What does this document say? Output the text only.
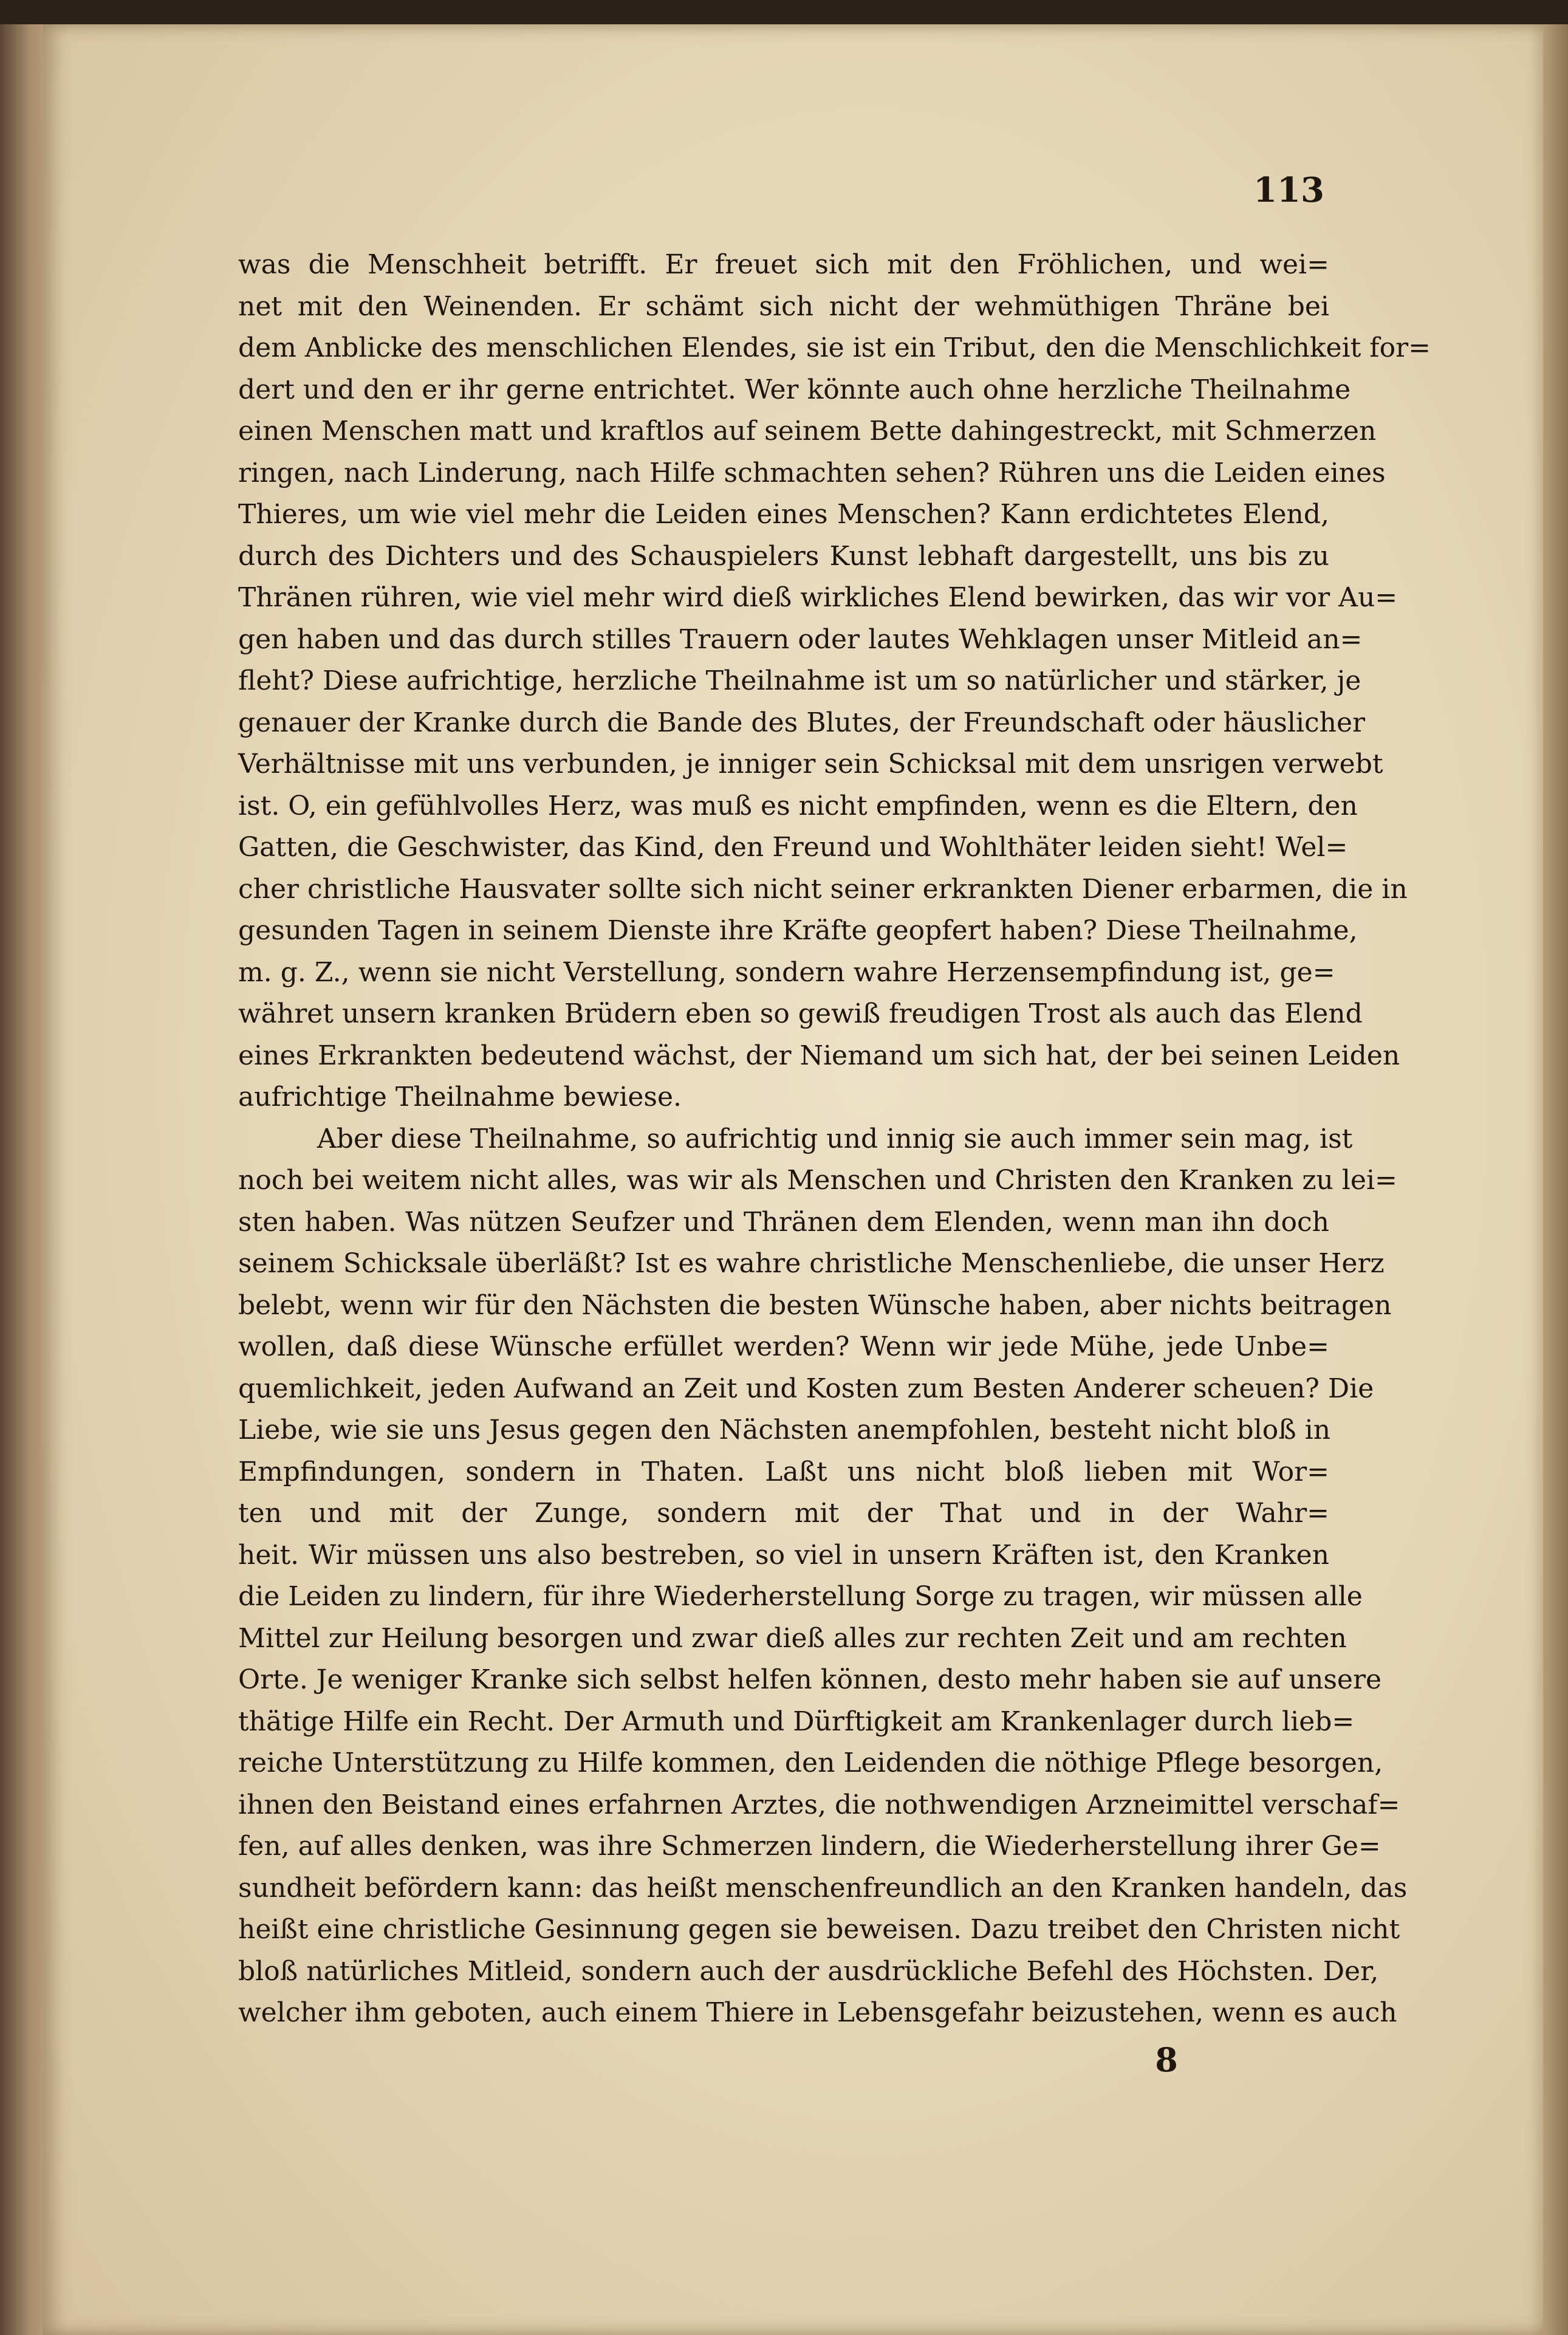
113
was die Menschheit betrifft. Er freuet sich mit den Fröhlichen, und wei=
net mit den Weinenden. Er schämt sich nicht der wehmüthigen Thräne bei
dem Anblicke des menschlichen Elendes, sie ist ein Tribut, den die Menschlichkeit for=
dert und den er ihr gerne entrichtet. Wer könnte auch ohne herzliche Theilnahme
einen Menschen matt und kraftlos auf seinem Bette dahingestreckt, mit Schmerzen
ringen, nach Linderung, nach Hilfe schmachten sehen? Rühren uns die Leiden eines
Thieres, um wie viel mehr die Leiden eines Menschen? Kann erdichtetes Elend,
durch des Dichters und des Schauspielers Kunst lebhaft dargestellt, uns bis zu
Thränen rühren, wie viel mehr wird dieß wirkliches Elend bewirken, das wir vor Au=
gen haben und das durch stilles Trauern oder lautes Wehklagen unser Mitleid an=
fleht? Diese aufrichtige, herzliche Theilnahme ist um so natürlicher und stärker, je
genauer der Kranke durch die Bande des Blutes, der Freundschaft oder häuslicher
Verhältnisse mit uns verbunden, je inniger sein Schicksal mit dem unsrigen verwebt
ist. O, ein gefühlvolles Herz, was muß es nicht empfinden, wenn es die Eltern, den
Gatten, die Geschwister, das Kind, den Freund und Wohlthäter leiden sieht! Wel=
cher christliche Hausvater sollte sich nicht seiner erkrankten Diener erbarmen, die in
gesunden Tagen in seinem Dienste ihre Kräfte geopfert haben? Diese Theilnahme,
m. g. Z., wenn sie nicht Verstellung, sondern wahre Herzensempfindung ist, ge=
währet unsern kranken Brüdern eben so gewiß freudigen Trost als auch das Elend
eines Erkrankten bedeutend wächst, der Niemand um sich hat, der bei seinen Leiden
aufrichtige Theilnahme bewiese.
Aber diese Theilnahme, so aufrichtig und innig sie auch immer sein mag, ist
noch bei weitem nicht alles, was wir als Menschen und Christen den Kranken zu lei=
sten haben. Was nützen Seufzer und Thränen dem Elenden, wenn man ihn doch
seinem Schicksale überläßt? Ist es wahre christliche Menschenliebe, die unser Herz
belebt, wenn wir für den Nächsten die besten Wünsche haben, aber nichts beitragen
wollen, daß diese Wünsche erfüllet werden? Wenn wir jede Mühe, jede Unbe=
quemlichkeit, jeden Aufwand an Zeit und Kosten zum Besten Anderer scheuen? Die
Liebe, wie sie uns Jesus gegen den Nächsten anempfohlen, besteht nicht bloß in
Empfindungen, sondern in Thaten. Laßt uns nicht bloß lieben mit Wor=
ten und mit der Zunge, sondern mit der That und in der Wahr=
heit. Wir müssen uns also bestreben, so viel in unsern Kräften ist, den Kranken
die Leiden zu lindern, für ihre Wiederherstellung Sorge zu tragen, wir müssen alle
Mittel zur Heilung besorgen und zwar dieß alles zur rechten Zeit und am rechten
Orte. Je weniger Kranke sich selbst helfen können, desto mehr haben sie auf unsere
thätige Hilfe ein Recht. Der Armuth und Dürftigkeit am Krankenlager durch lieb=
reiche Unterstützung zu Hilfe kommen, den Leidenden die nöthige Pflege besorgen,
ihnen den Beistand eines erfahrnen Arztes, die nothwendigen Arzneimittel verschaf=
fen, auf alles denken, was ihre Schmerzen lindern, die Wiederherstellung ihrer Ge=
sundheit befördern kann: das heißt menschenfreundlich an den Kranken handeln, das
heißt eine christliche Gesinnung gegen sie beweisen. Dazu treibet den Christen nicht
bloß natürliches Mitleid, sondern auch der ausdrückliche Befehl des Höchsten. Der,
welcher ihm geboten, auch einem Thiere in Lebensgefahr beizustehen, wenn es auch
8
